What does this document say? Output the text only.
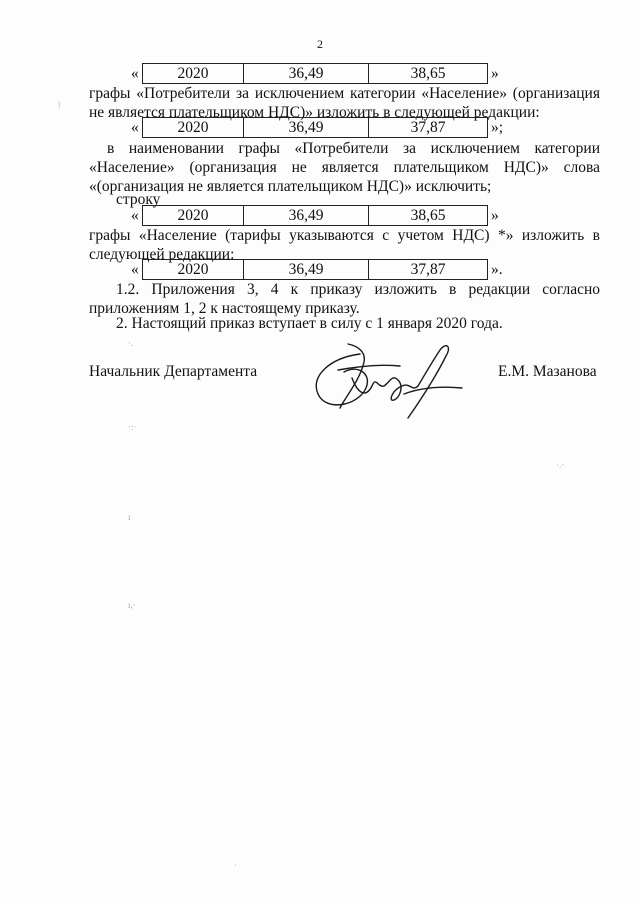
2
«	2020	36,49	38,65	»
графы «Потребители за исключением категории «Население» (организация
не является плательщиком НДС)» изложить в следующей редакции:
«	2020	36,49	37,87	»;
в наименовании графы «Потребители за исключением категории
«Население» (организация не является плательщиком НДС)» слова
«(организация не является плательщиком НДС)» исключить;
строку
«	2020	36,49	38,65	»
графы «Население (тарифы указываются с учетом НДС) *» изложить в
следующей редакции:
«	2020	36,49	37,87	».
1.2. Приложения 3, 4 к приказу изложить в редакции согласно
приложениям 1, 2 к настоящему приказу.
2. Настоящий приказ вступает в силу с 1 января 2020 года.
Начальник Департамента	Е.М. Мазанова
⁞
·.
·:·
·.·
ı
ı,·
·
